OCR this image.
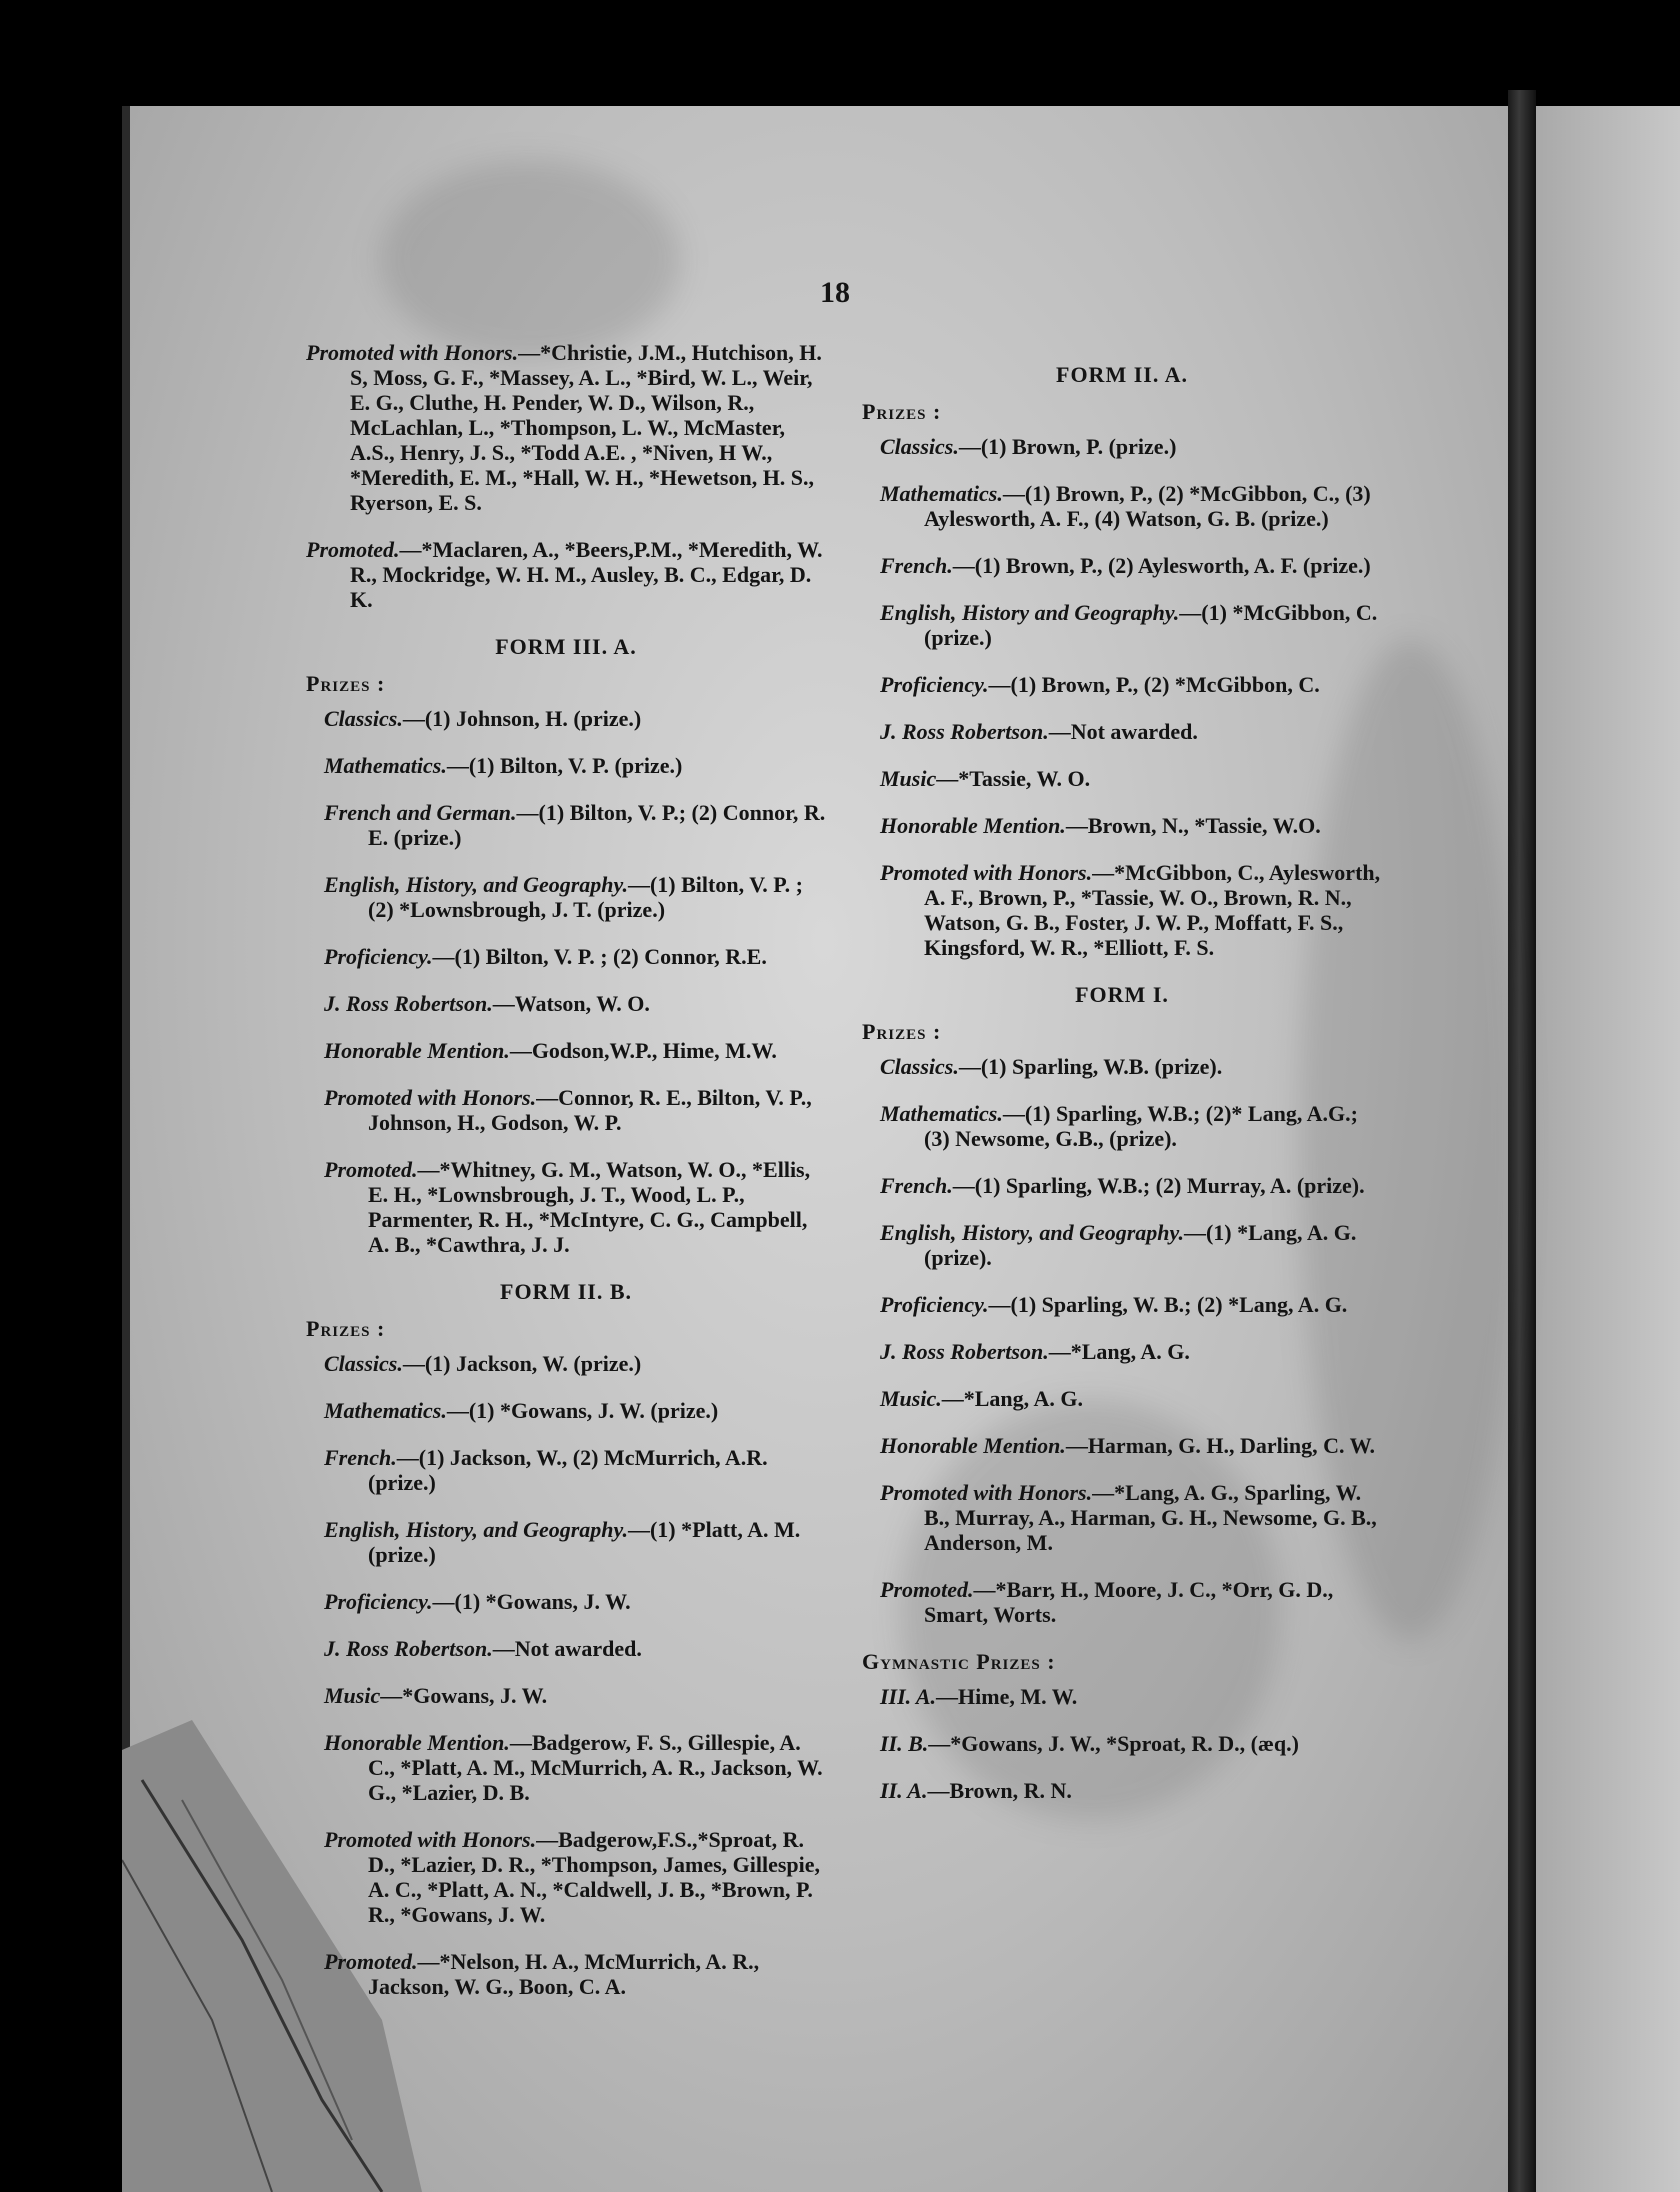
18

Promoted with Honors.—*Christie, J.M., Hutchison, H. S, Moss, G. F., *Massey, A. L., *Bird, W. L., Weir, E. G., Cluthe, H. Pender, W. D., Wilson, R., McLachlan, L., *Thompson, L. W., McMaster, A.S., Henry, J. S., *Todd A.E. , *Niven, H W., *Meredith, E. M., *Hall, W. H., *Hewetson, H. S., Ryerson, E. S.

Promoted.—*Maclaren, A., *Beers,P.M., *Meredith, W. R., Mockridge, W. H. M., Ausley, B. C., Edgar, D. K.

FORM III. A.
Prizes :

Classics.—(1) Johnson, H. (prize.)

Mathematics.—(1) Bilton, V. P. (prize.)

French and German.—(1) Bilton, V. P.; (2) Connor, R. E. (prize.)

English, History, and Geography.—(1) Bilton, V. P. ; (2) *Lownsbrough, J. T. (prize.)

Proficiency.—(1) Bilton, V. P. ; (2) Connor, R.E.

J. Ross Robertson.—Watson, W. O.

Honorable Mention.—Godson,W.P., Hime, M.W.

Promoted with Honors.—Connor, R. E., Bilton, V. P., Johnson, H., Godson, W. P.

Promoted.—*Whitney, G. M., Watson, W. O., *Ellis, E. H., *Lownsbrough, J. T., Wood, L. P., Parmenter, R. H., *McIntyre, C. G., Campbell, A. B., *Cawthra, J. J.

FORM II. B.
Prizes :

Classics.—(1) Jackson, W. (prize.)

Mathematics.—(1) *Gowans, J. W. (prize.)

French.—(1) Jackson, W., (2) McMurrich, A.R. (prize.)

English, History, and Geography.—(1) *Platt, A. M. (prize.)

Proficiency.—(1) *Gowans, J. W.

J. Ross Robertson.—Not awarded.

Music—*Gowans, J. W.

Honorable Mention.—Badgerow, F. S., Gillespie, A. C., *Platt, A. M., McMurrich, A. R., Jackson, W. G., *Lazier, D. B.

Promoted with Honors.—Badgerow,F.S.,*Sproat, R. D., *Lazier, D. R., *Thompson, James, Gillespie, A. C., *Platt, A. N., *Caldwell, J. B., *Brown, P. R., *Gowans, J. W.

Promoted.—*Nelson, H. A., McMurrich, A. R., Jackson, W. G., Boon, C. A.

FORM II. A.
Prizes :

Classics.—(1) Brown, P. (prize.)

Mathematics.—(1) Brown, P., (2) *McGibbon, C., (3) Aylesworth, A. F., (4) Watson, G. B. (prize.)

French.—(1) Brown, P., (2) Aylesworth, A. F. (prize.)

English, History and Geography.—(1) *McGibbon, C. (prize.)

Proficiency.—(1) Brown, P., (2) *McGibbon, C.

J. Ross Robertson.—Not awarded.

Music—*Tassie, W. O.

Honorable Mention.—Brown, N., *Tassie, W.O.

Promoted with Honors.—*McGibbon, C., Aylesworth, A. F., Brown, P., *Tassie, W. O., Brown, R. N., Watson, G. B., Foster, J. W. P., Moffatt, F. S., Kingsford, W. R., *Elliott, F. S.

FORM I.
Prizes :

Classics.—(1) Sparling, W.B. (prize).

Mathematics.—(1) Sparling, W.B.; (2)* Lang, A.G.; (3) Newsome, G.B., (prize).

French.—(1) Sparling, W.B.; (2) Murray, A. (prize).

English, History, and Geography.—(1) *Lang, A. G. (prize).

Proficiency.—(1) Sparling, W. B.; (2) *Lang, A. G.

J. Ross Robertson.—*Lang, A. G.

Music.—*Lang, A. G.

Honorable Mention.—Harman, G. H., Darling, C. W.

Promoted with Honors.—*Lang, A. G., Sparling, W. B., Murray, A., Harman, G. H., Newsome, G. B., Anderson, M.

Promoted.—*Barr, H., Moore, J. C., *Orr, G. D., Smart, Worts.

Gymnastic Prizes :

III. A.—Hime, M. W.

II. B.—*Gowans, J. W., *Sproat, R. D., (æq.)

II. A.—Brown, R. N.
